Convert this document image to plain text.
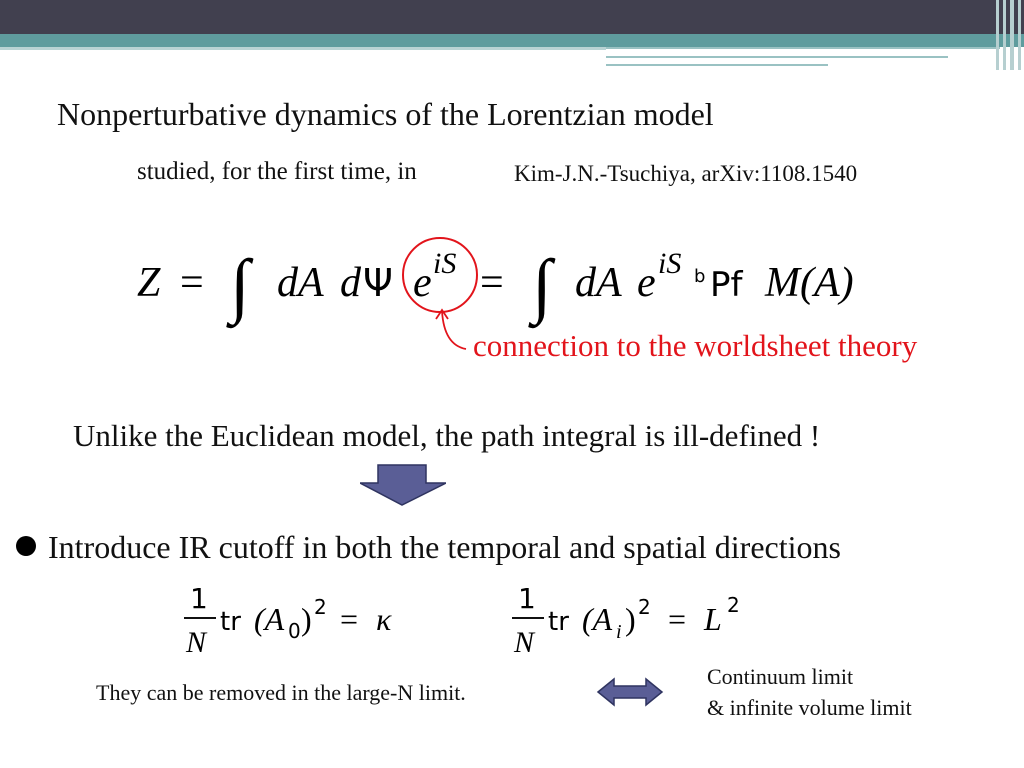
Nonperturbative dynamics of the Lorentzian model
studied, for the first time, in	Kim-J.N.-Tsuchiya, arXiv:1108.1540
Z = ∫ dA d Ψ e iS = ∫ dA e iS b Pf M (A)
connection to the worldsheet theory
Unlike the Euclidean model, the path integral is ill-defined !
Introduce IR cutoff in both the temporal and spatial directions
1
N
tr (A 0 ) 2 = κ
1
N
tr (A i ) 2 = L 2
They can be removed in the large-N limit.
Continuum limit
& infinite volume limit
